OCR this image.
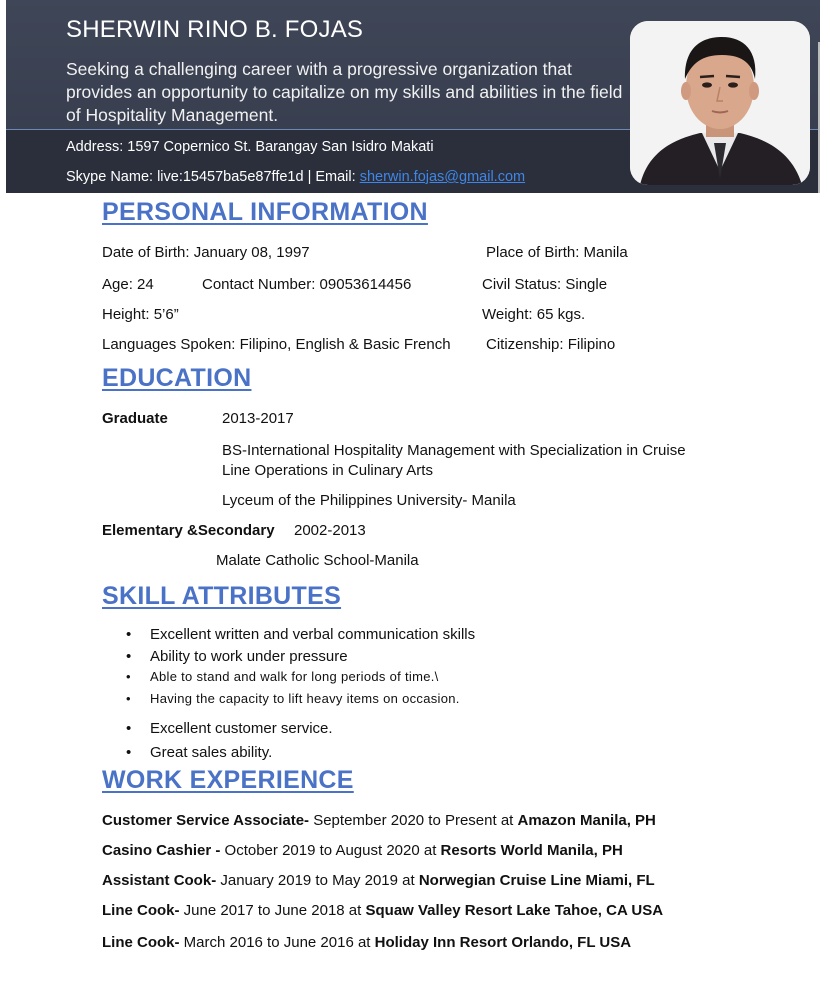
SHERWIN RINO B. FOJAS
Seeking a challenging career with a progressive organization that provides an opportunity to capitalize on my skills and abilities in the field of Hospitality Management.
Address: 1597 Copernico St. Barangay San Isidro Makati
Skype Name: live:15457ba5e87ffe1d | Email: sherwin.fojas@gmail.com
PERSONAL INFORMATION
Date of Birth: January 08, 1997	Place of Birth: Manila
Age: 24	Contact Number: 09053614456	Civil Status: Single
Height: 5’6”	Weight: 65 kgs.
Languages Spoken: Filipino, English & Basic French Citizenship: Filipino
EDUCATION
Graduate	2013-2017
BS-International Hospitality Management with Specialization in Cruise
Line Operations in Culinary Arts
Lyceum of the Philippines University- Manila
Elementary &Secondary 2002-2013
Malate Catholic School-Manila
SKILL ATTRIBUTES
Excellent written and verbal communication skills
Ability to work under pressure
Able to stand and walk for long periods of time.\
Having the capacity to lift heavy items on occasion.
Excellent customer service.
Great sales ability.
WORK EXPERIENCE
Customer Service Associate- September 2020 to Present at Amazon Manila, PH
Casino Cashier - October 2019 to August 2020 at Resorts World Manila, PH
Assistant Cook- January 2019 to May 2019 at Norwegian Cruise Line Miami, FL
Line Cook- June 2017 to June 2018 at Squaw Valley Resort Lake Tahoe, CA USA
Line Cook- March 2016 to June 2016 at Holiday Inn Resort Orlando, FL USA
